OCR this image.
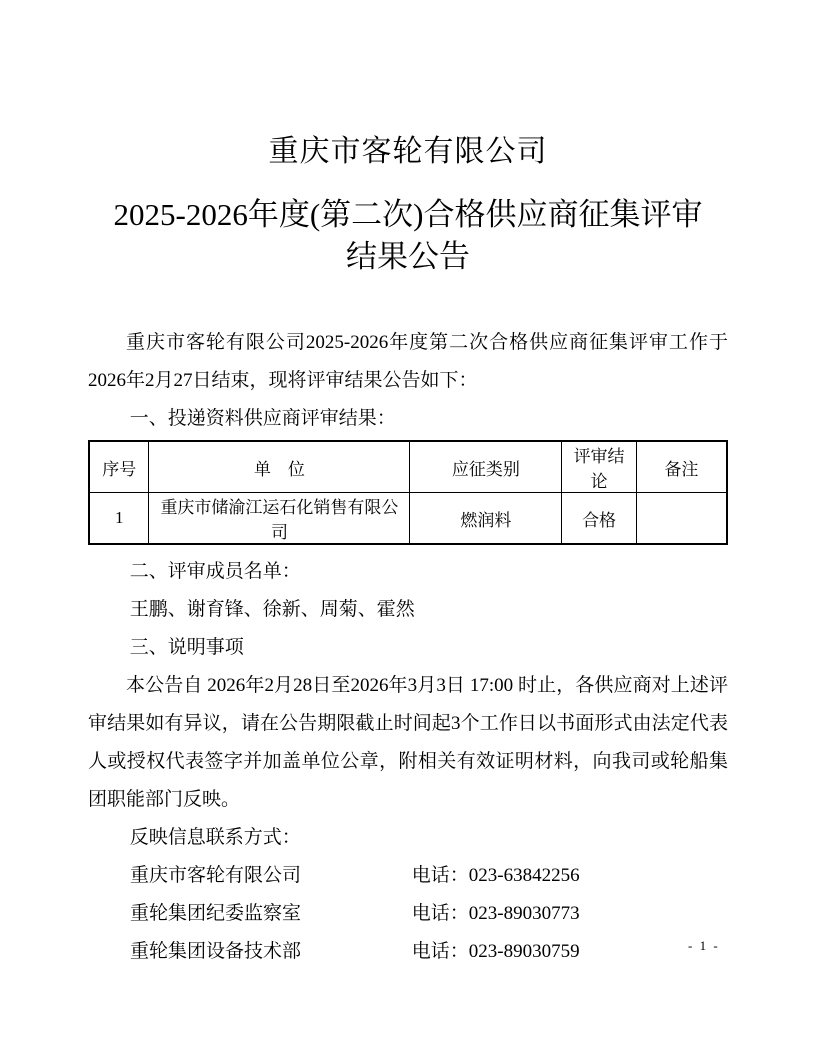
重庆市客轮有限公司
2025-2026年度(第二次)合格供应商征集评审
结果公告

重庆市客轮有限公司2025-2026年度第二次合格供应商征集评审工作于 2026年2月27日结束，现将评审结果公告如下：

一、投递资料供应商评审结果：
序号	单　位	应征类别	评审结论	备注
1	重庆市储渝江运石化销售有限公司	燃润料	合格	
二、评审成员名单：
王鹏、谢育锋、徐新、周菊、霍然
三、说明事项

本公告自 2026年2月28日至2026年3月3日 17:00 时止，各供应商对上述评审结果如有异议，请在公告期限截止时间起3个工作日以书面形式由法定代表人或授权代表签字并加盖单位公章，附相关有效证明材料，向我司或轮船集团职能部门反映。

反映信息联系方式：
重庆市客轮有限公司	电话：023-63842256
重轮集团纪委监察室	电话：023-89030773
重轮集团设备技术部	电话：023-89030759	- 1 -
